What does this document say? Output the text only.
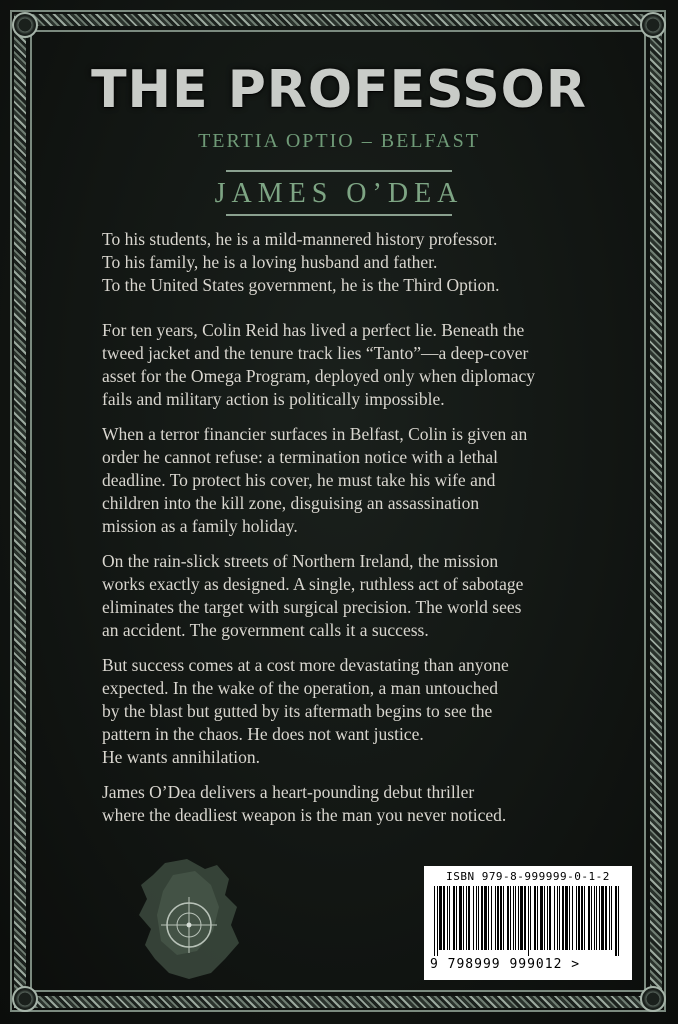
THE PROFESSOR
TERTIA OPTIO – BELFAST
JAMES O’DEA

To his students, he is a mild-mannered history professor.
To his family, he is a loving husband and father.
To the United States government, he is the Third Option.

For ten years, Colin Reid has lived a perfect lie. Beneath the
tweed jacket and the tenure track lies “Tanto”—a deep-cover
asset for the Omega Program, deployed only when diplomacy
fails and military action is politically impossible.

When a terror financier surfaces in Belfast, Colin is given an
order he cannot refuse: a termination notice with a lethal
deadline. To protect his cover, he must take his wife and
children into the kill zone, disguising an assassination
mission as a family holiday.

On the rain-slick streets of Northern Ireland, the mission
works exactly as designed. A single, ruthless act of sabotage
eliminates the target with surgical precision. The world sees
an accident. The government calls it a success.

But success comes at a cost more devastating than anyone
expected. In the wake of the operation, a man untouched
by the blast but gutted by its aftermath begins to see the
pattern in the chaos. He does not want justice.
He wants annihilation.

James O’Dea delivers a heart-pounding debut thriller
where the deadliest weapon is the man you never noticed.

ISBN 979-8-999999-0-1-2
9 798999 999012 >
